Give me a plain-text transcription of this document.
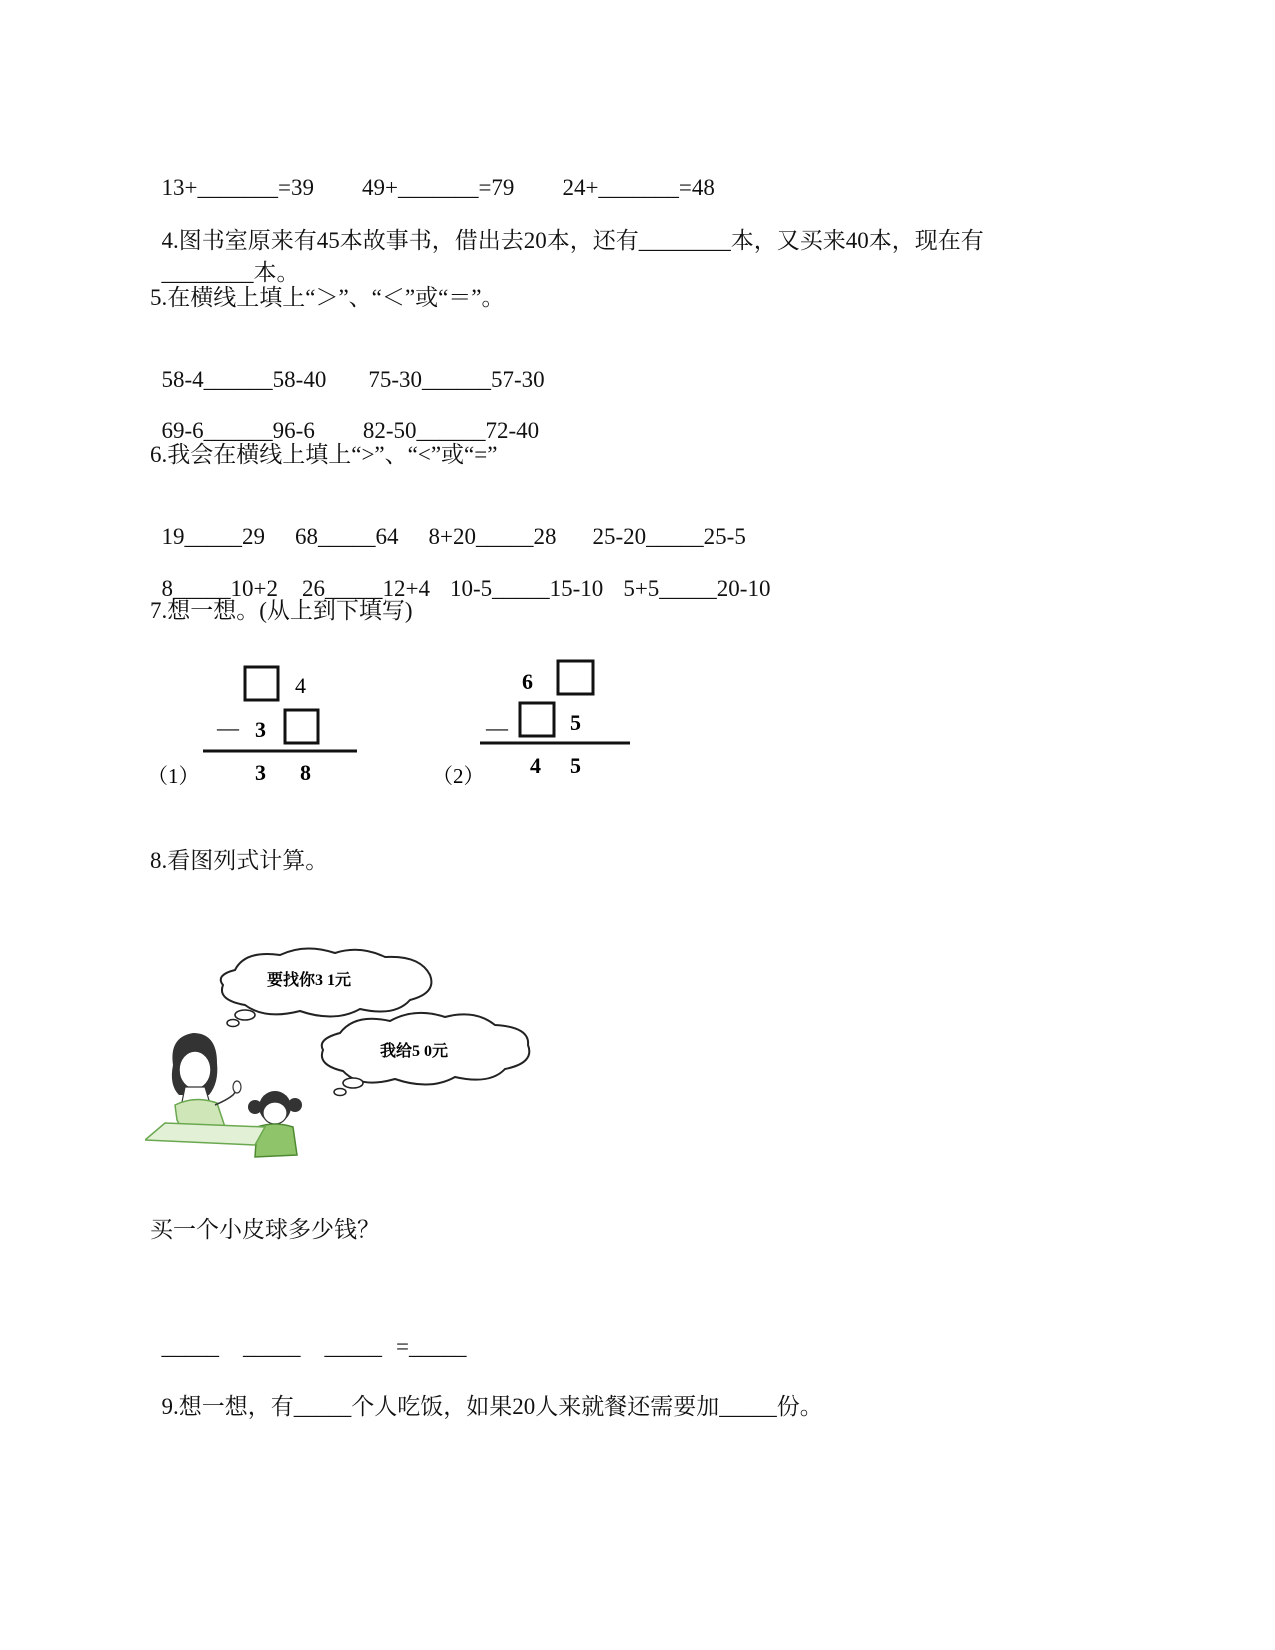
13+_______=39 49+_______=79 24+_______=48

4.图书室原来有45本故事书，借出去20本，还有________本，又买来40本，现在有

________本。

5.在横线上填上“＞”、“＜”或“＝”。

58-4______58-40 75-30______57-30

69-6______96-6 82-50______72-40

6.我会在横线上填上“>”、“<”或“=”

19_____29 68_____64 8+20_____28 25-20_____25-5

8_____10+2 26_____12+4 10-5_____15-10 5+5_____20-10

7.想一想。(从上到下填写)
4
— 3
3 8
（1）
6
—	5
4 5
（2）
8.看图列式计算。
要找你3 1元
我给5 0元
买一个小皮球多少钱？

_____ _____ _____ =_____

9.想一想，有_____个人吃饭，如果20人来就餐还需要加_____份。
